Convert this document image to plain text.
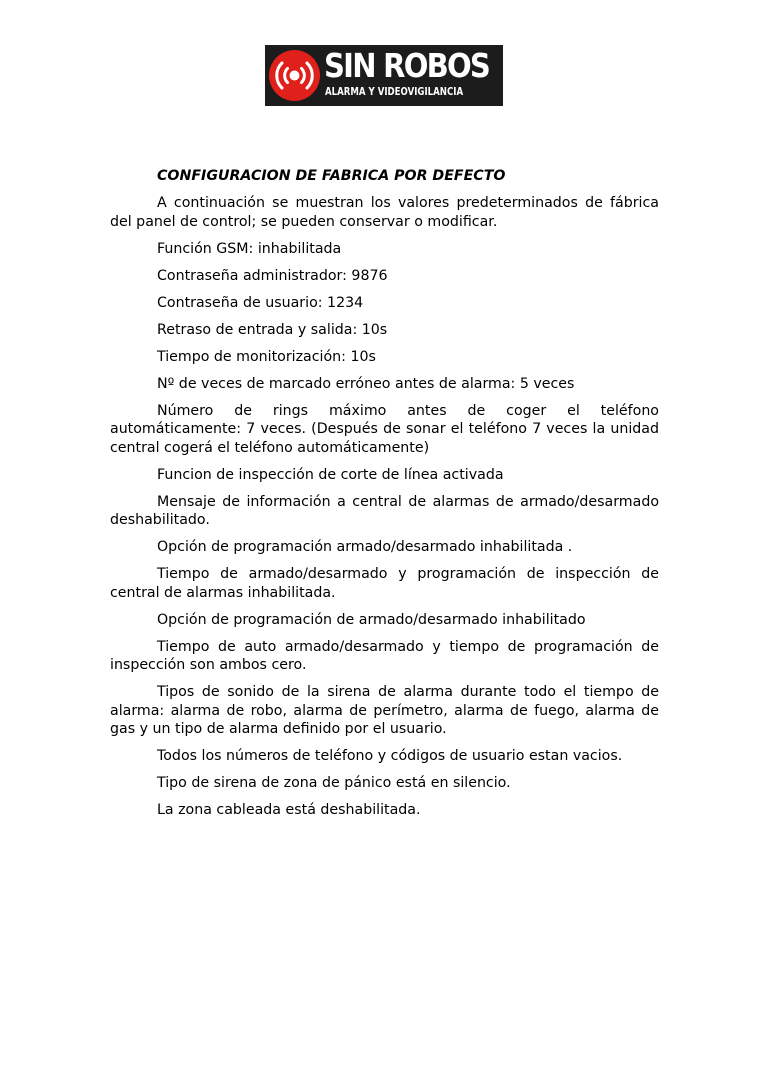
SIN ROBOS
ALARMA Y VIDEOVIGILANCIA
CONFIGURACION DE FABRICA POR DEFECTO

A continuación se muestran los valores predeterminados de fábrica del panel de control; se pueden conservar o modificar.

Función GSM: inhabilitada

Contraseña administrador: 9876

Contraseña de usuario: 1234

Retraso de entrada y salida: 10s

Tiempo de monitorización: 10s

Nº de veces de marcado erróneo antes de alarma: 5 veces

Número de rings máximo antes de coger el teléfono automáticamente: 7 veces. (Después de sonar el teléfono 7 veces la unidad central cogerá el teléfono automáticamente)

Funcion de inspección de corte de línea activada

Mensaje de información a central de alarmas de armado/desarmado deshabilitado.

Opción de programación armado/desarmado inhabilitada .

Tiempo de armado/desarmado y programación de inspección de central de alarmas inhabilitada.

Opción de programación de armado/desarmado inhabilitado

Tiempo de auto armado/desarmado y tiempo de programación de inspección son ambos cero.

Tipos de sonido de la sirena de alarma durante todo el tiempo de alarma: alarma de robo, alarma de perímetro, alarma de fuego, alarma de gas y un tipo de alarma definido por el usuario.

Todos los números de teléfono y códigos de usuario estan vacios.

Tipo de sirena de zona de pánico está en silencio.

La zona cableada está deshabilitada.
